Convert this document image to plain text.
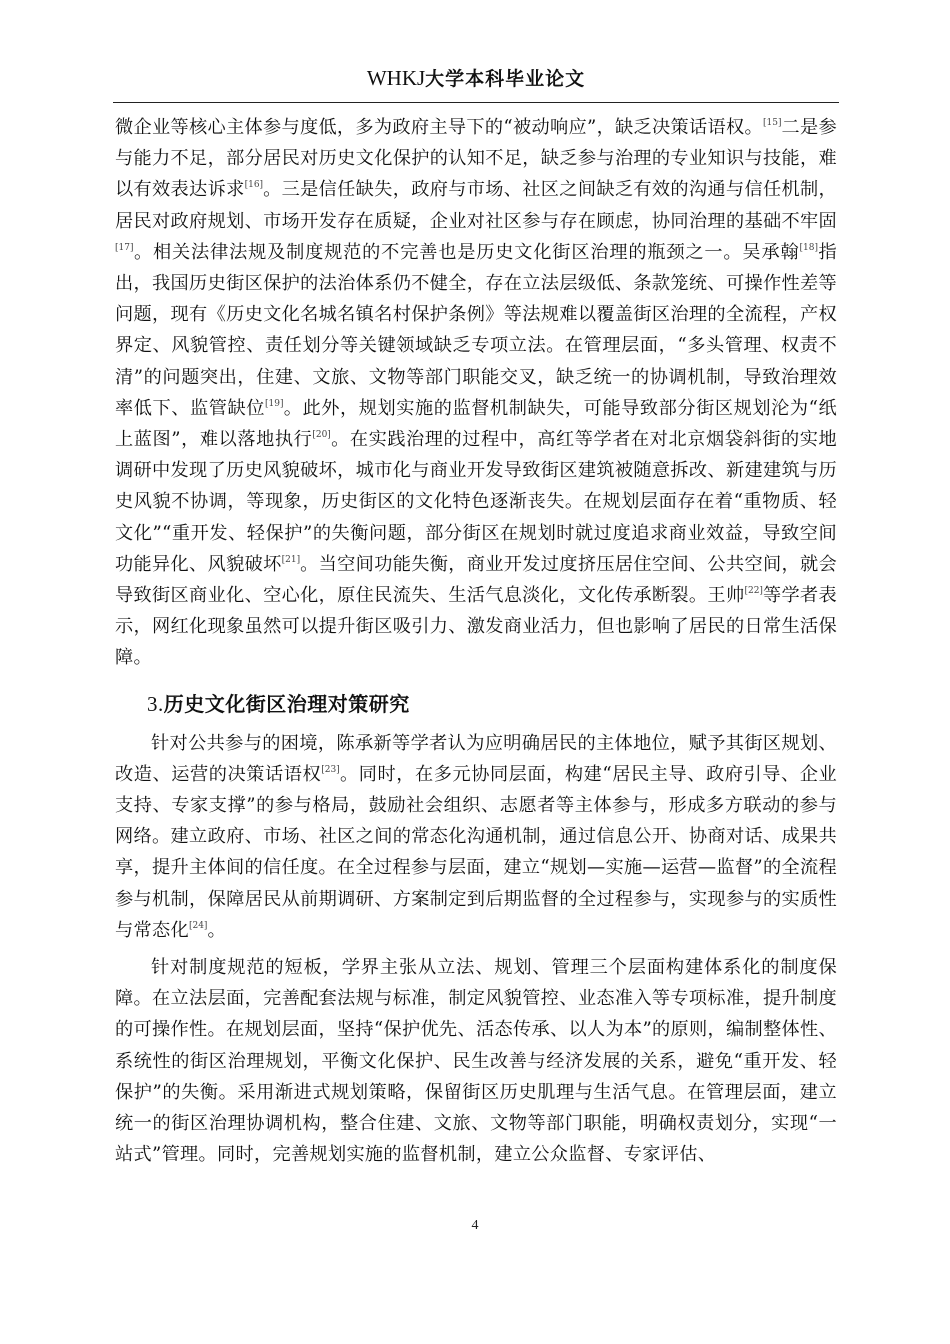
WHKJ大学本科毕业论文

微企业等核心主体参与度低，多为政府主导下的“被动响应”，缺乏决策话语权。[15]二是参与能力不足，部分居民对历史文化保护的认知不足，缺乏参与治理的专业知识与技能，难以有效表达诉求[16]。三是信任缺失，政府与市场、社区之间缺乏有效的沟通与信任机制，居民对政府规划、市场开发存在质疑，企业对社区参与存在顾虑，协同治理的基础不牢固[17]。相关法律法规及制度规范的不完善也是历史文化街区治理的瓶颈之一。吴承翰[18]指出，我国历史街区保护的法治体系仍不健全，存在立法层级低、条款笼统、可操作性差等问题，现有《历史文化名城名镇名村保护条例》等法规难以覆盖街区治理的全流程，产权界定、风貌管控、责任划分等关键领域缺乏专项立法。在管理层面，“多头管理、权责不清”的问题突出，住建、文旅、文物等部门职能交叉，缺乏统一的协调机制，导致治理效率低下、监管缺位[19]。此外，规划实施的监督机制缺失，可能导致部分街区规划沦为“纸上蓝图”，难以落地执行[20]。在实践治理的过程中，高红等学者在对北京烟袋斜街的实地调研中发现了历史风貌破坏，城市化与商业开发导致街区建筑被随意拆改、新建建筑与历史风貌不协调，等现象，历史街区的文化特色逐渐丧失。在规划层面存在着“重物质、轻文化”“重开发、轻保护”的失衡问题，部分街区在规划时就过度追求商业效益，导致空间功能异化、风貌破坏[21]。当空间功能失衡，商业开发过度挤压居住空间、公共空间，就会导致街区商业化、空心化，原住民流失、生活气息淡化，文化传承断裂。王帅[22]等学者表示，网红化现象虽然可以提升街区吸引力、激发商业活力，但也影响了居民的日常生活保障。

3.历史文化街区治理对策研究

针对公共参与的困境，陈承新等学者认为应明确居民的主体地位，赋予其街区规划、改造、运营的决策话语权[23]。同时，在多元协同层面，构建“居民主导、政府引导、企业支持、专家支撑”的参与格局，鼓励社会组织、志愿者等主体参与，形成多方联动的参与网络。建立政府、市场、社区之间的常态化沟通机制，通过信息公开、协商对话、成果共享，提升主体间的信任度。在全过程参与层面，建立“规划—实施—运营—监督”的全流程参与机制，保障居民从前期调研、方案制定到后期监督的全过程参与，实现参与的实质性与常态化[24]。

针对制度规范的短板，学界主张从立法、规划、管理三个层面构建体系化的制度保障。在立法层面，完善配套法规与标准，制定风貌管控、业态准入等专项标准，提升制度的可操作性。在规划层面，坚持“保护优先、活态传承、以人为本”的原则，编制整体性、系统性的街区治理规划，平衡文化保护、民生改善与经济发展的关系，避免“重开发、轻保护”的失衡。采用渐进式规划策略，保留街区历史肌理与生活气息。在管理层面，建立统一的街区治理协调机构，整合住建、文旅、文物等部门职能，明确权责划分，实现“一站式”管理。同时，完善规划实施的监督机制，建立公众监督、专家评估、

4
